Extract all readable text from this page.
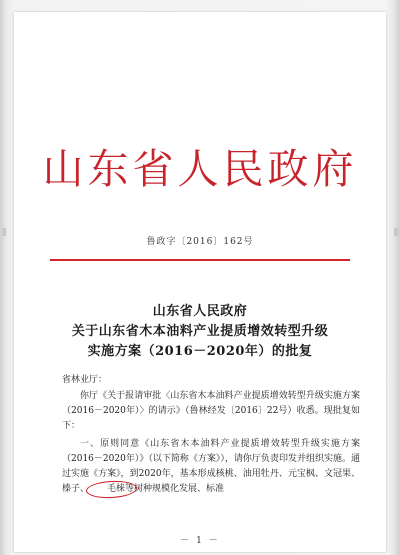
山东省人民政府
鲁政字〔2016〕162号
山东省人民政府
关于山东省木本油料产业提质增效转型升级
实施方案（2016－2020年）的批复
省林业厅：
你厅《关于报请审批〈山东省木本油料产业提质增效转型升级实施方案（2016－2020年）〉的请示》（鲁林经发〔2016〕22号）收悉。现批复如下：
一、原则同意《山东省木本油料产业提质增效转型升级实施方案（2016－2020年）》（以下简称《方案》），请你厅负责印发并组织实施。通过实施《方案》，到2020年，基本形成核桃、油用牡丹、元宝枫、文冠果、榛子、 毛梾等树种规模化发展、标准
－ 1 －
